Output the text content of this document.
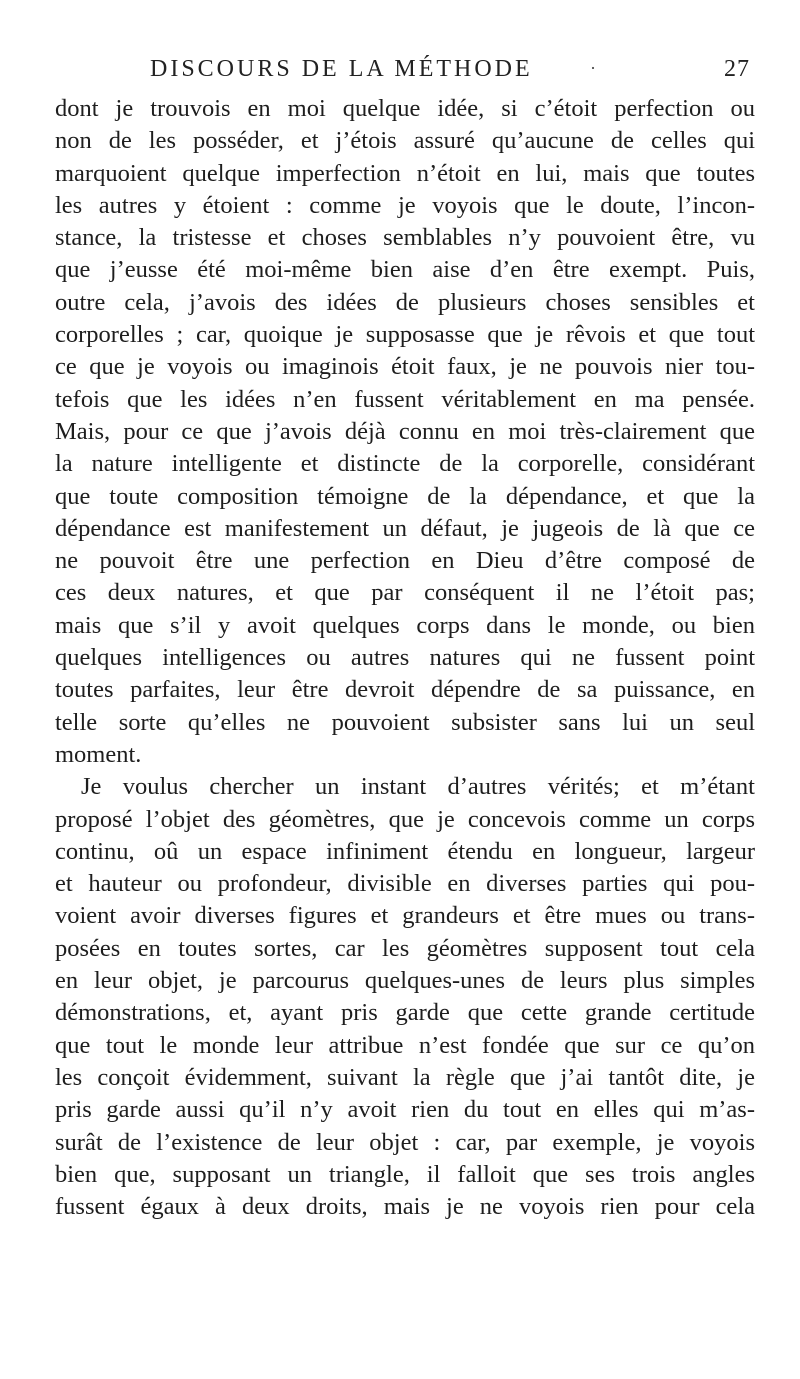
DISCOURS DE LA MÉTHODE	·	27
dont je trouvois en moi quelque idée, si c’étoit perfection ou
non de les posséder, et j’étois assuré qu’aucune de celles qui
marquoient quelque imperfection n’étoit en lui, mais que toutes
les autres y étoient : comme je voyois que le doute, l’incon-
stance, la tristesse et choses semblables n’y pouvoient être, vu
que j’eusse été moi-même bien aise d’en être exempt. Puis,
outre cela, j’avois des idées de plusieurs choses sensibles et
corporelles ; car, quoique je supposasse que je rêvois et que tout
ce que je voyois ou imaginois étoit faux, je ne pouvois nier tou-
tefois que les idées n’en fussent véritablement en ma pensée.
Mais, pour ce que j’avois déjà connu en moi très-clairement que
la nature intelligente et distincte de la corporelle, considérant
que toute composition témoigne de la dépendance, et que la
dépendance est manifestement un défaut, je jugeois de là que ce
ne pouvoit être une perfection en Dieu d’être composé de
ces deux natures, et que par conséquent il ne l’étoit pas;
mais que s’il y avoit quelques corps dans le monde, ou bien
quelques intelligences ou autres natures qui ne fussent point
toutes parfaites, leur être devroit dépendre de sa puissance, en
telle sorte qu’elles ne pouvoient subsister sans lui un seul
moment.
Je voulus chercher un instant d’autres vérités; et m’étant
proposé l’objet des géomètres, que je concevois comme un corps
continu, oû un espace infiniment étendu en longueur, largeur
et hauteur ou profondeur, divisible en diverses parties qui pou-
voient avoir diverses figures et grandeurs et être mues ou trans-
posées en toutes sortes, car les géomètres supposent tout cela
en leur objet, je parcourus quelques-unes de leurs plus simples
démonstrations, et, ayant pris garde que cette grande certitude
que tout le monde leur attribue n’est fondée que sur ce qu’on
les conçoit évidemment, suivant la règle que j’ai tantôt dite, je
pris garde aussi qu’il n’y avoit rien du tout en elles qui m’as-
surât de l’existence de leur objet : car, par exemple, je voyois
bien que, supposant un triangle, il falloit que ses trois angles
fussent égaux à deux droits, mais je ne voyois rien pour cela
